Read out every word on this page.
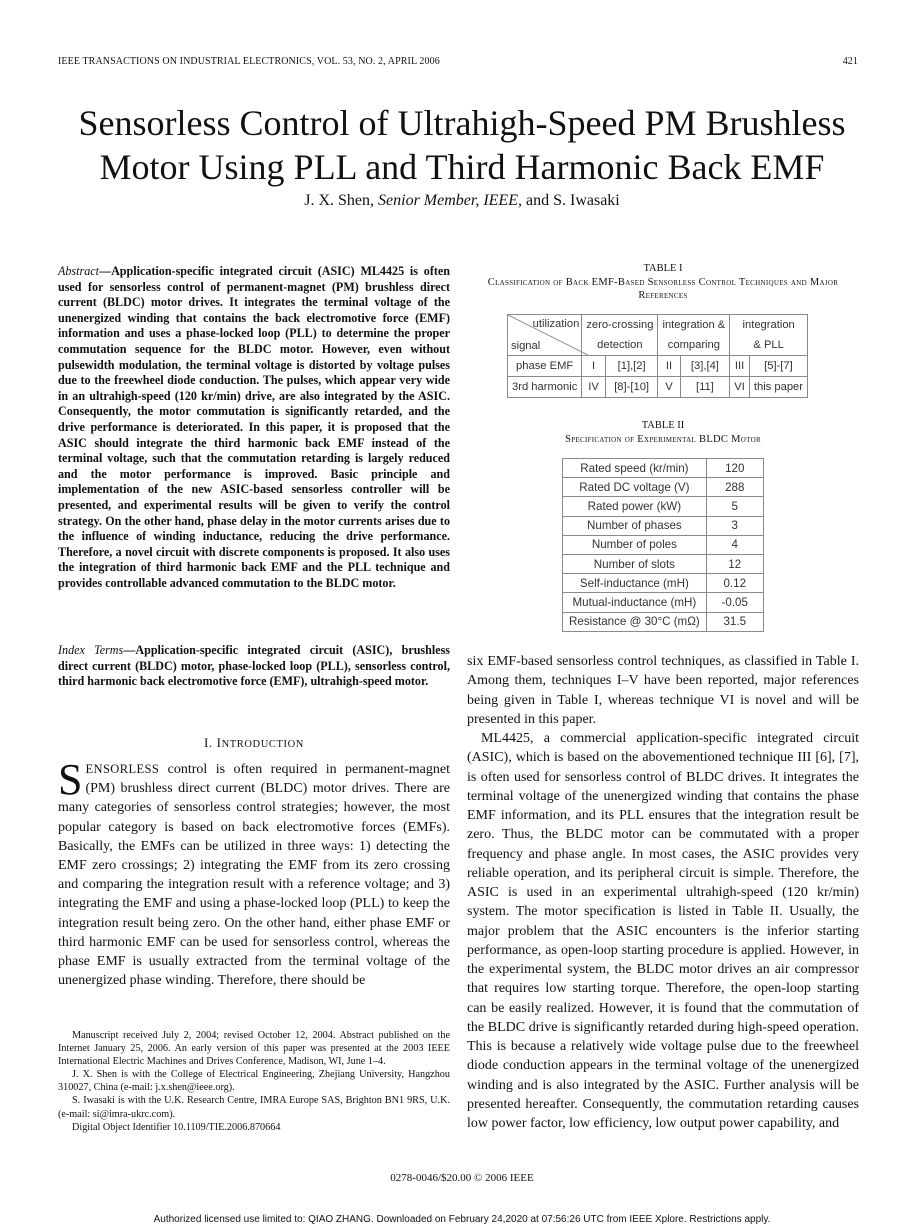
IEEE TRANSACTIONS ON INDUSTRIAL ELECTRONICS, VOL. 53, NO. 2, APRIL 2006	421
Sensorless Control of Ultrahigh-Speed PM Brushless
Motor Using PLL and Third Harmonic Back EMF
J. X. Shen, Senior Member, IEEE, and S. Iwasaki
Abstract—Application-specific integrated circuit (ASIC) ML4425 is often used for sensorless control of permanent-magnet (PM) brushless direct current (BLDC) motor drives. It integrates the terminal voltage of the unenergized winding that contains the back electromotive force (EMF) information and uses a phase-locked loop (PLL) to determine the proper commutation sequence for the BLDC motor. However, even without pulsewidth modulation, the terminal voltage is distorted by voltage pulses due to the freewheel diode conduction. The pulses, which appear very wide in an ultrahigh-speed (120 kr/min) drive, are also integrated by the ASIC. Consequently, the motor commutation is significantly retarded, and the drive performance is deteriorated. In this paper, it is proposed that the ASIC should integrate the third harmonic back EMF instead of the terminal voltage, such that the commutation retarding is largely reduced and the motor performance is improved. Basic principle and implementation of the new ASIC-based sensorless controller will be presented, and experimental results will be given to verify the control strategy. On the other hand, phase delay in the motor currents arises due to the influence of winding inductance, reducing the drive performance. Therefore, a novel circuit with discrete components is proposed. It also uses the integration of third harmonic back EMF and the PLL technique and provides controllable advanced commutation to the BLDC motor.
Index Terms—Application-specific integrated circuit (ASIC), brushless direct current (BLDC) motor, phase-locked loop (PLL), sensorless control, third harmonic back electromotive force (EMF), ultrahigh-speed motor.
I. INTRODUCTION
SENSORLESS control is often required in permanent-magnet (PM) brushless direct current (BLDC) motor drives. There are many categories of sensorless control strategies; however, the most popular category is based on back electromotive forces (EMFs). Basically, the EMFs can be utilized in three ways: 1) detecting the EMF zero crossings; 2) integrating the EMF from its zero crossing and comparing the integration result with a reference voltage; and 3) integrating the EMF and using a phase-locked loop (PLL) to keep the integration result being zero. On the other hand, either phase EMF or third harmonic EMF can be used for sensorless control, whereas the phase EMF is usually extracted from the terminal voltage of the unenergized phase winding. Therefore, there should be

Manuscript received July 2, 2004; revised October 12, 2004. Abstract published on the Internet January 25, 2006. An early version of this paper was presented at the 2003 IEEE International Electric Machines and Drives Conference, Madison, WI, June 1–4.

J. X. Shen is with the College of Electrical Engineering, Zhejiang University, Hangzhou 310027, China (e-mail: j.x.shen@ieee.org).

S. Iwasaki is with the U.K. Research Centre, IMRA Europe SAS, Brighton BN1 9RS, U.K. (e-mail: si@imra-ukrc.com).

Digital Object Identifier 10.1109/TIE.2006.870664

TABLE I
Classification of Back EMF-Based Sensorless Control Techniques and Major References
utilization
signal	zero-crossing		integration &		integration	
	detection		comparing		& PLL	
phase EMF	I	[1],[2]	II	[3],[4]	III	[5]-[7]
3rd harmonic	IV	[8]-[10]	V	[11]	VI	this paper
TABLE II
Specification of Experimental BLDC Motor
Rated speed (kr/min)	120
Rated DC voltage (V)	288
Rated power (kW)	5
Number of phases	3
Number of poles	4
Number of slots	12
Self-inductance (mH)	0.12
Mutual-inductance (mH)	-0.05
Resistance @ 30°C (mΩ)	31.5

six EMF-based sensorless control techniques, as classified in Table I. Among them, techniques I–V have been reported, major references being given in Table I, whereas technique VI is novel and will be presented in this paper.

ML4425, a commercial application-specific integrated circuit (ASIC), which is based on the abovementioned technique III [6], [7], is often used for sensorless control of BLDC drives. It integrates the terminal voltage of the unenergized winding that contains the phase EMF information, and its PLL ensures that the integration result be zero. Thus, the BLDC motor can be commutated with a proper frequency and phase angle. In most cases, the ASIC provides very reliable operation, and its peripheral circuit is simple. Therefore, the ASIC is used in an experimental ultrahigh-speed (120 kr/min) system. The motor specification is listed in Table II. Usually, the major problem that the ASIC encounters is the inferior starting performance, as open-loop starting procedure is applied. However, in the experimental system, the BLDC motor drives an air compressor that requires low starting torque. Therefore, the open-loop starting can be easily realized. However, it is found that the commutation of the BLDC drive is significantly retarded during high-speed operation. This is because a relatively wide voltage pulse due to the freewheel diode conduction appears in the terminal voltage of the unenergized winding and is also integrated by the ASIC. Further analysis will be presented hereafter. Consequently, the commutation retarding causes low power factor, low efficiency, low output power capability, and

0278-0046/$20.00 © 2006 IEEE
Authorized licensed use limited to: QIAO ZHANG. Downloaded on February 24,2020 at 07:56:26 UTC from IEEE Xplore. Restrictions apply.
